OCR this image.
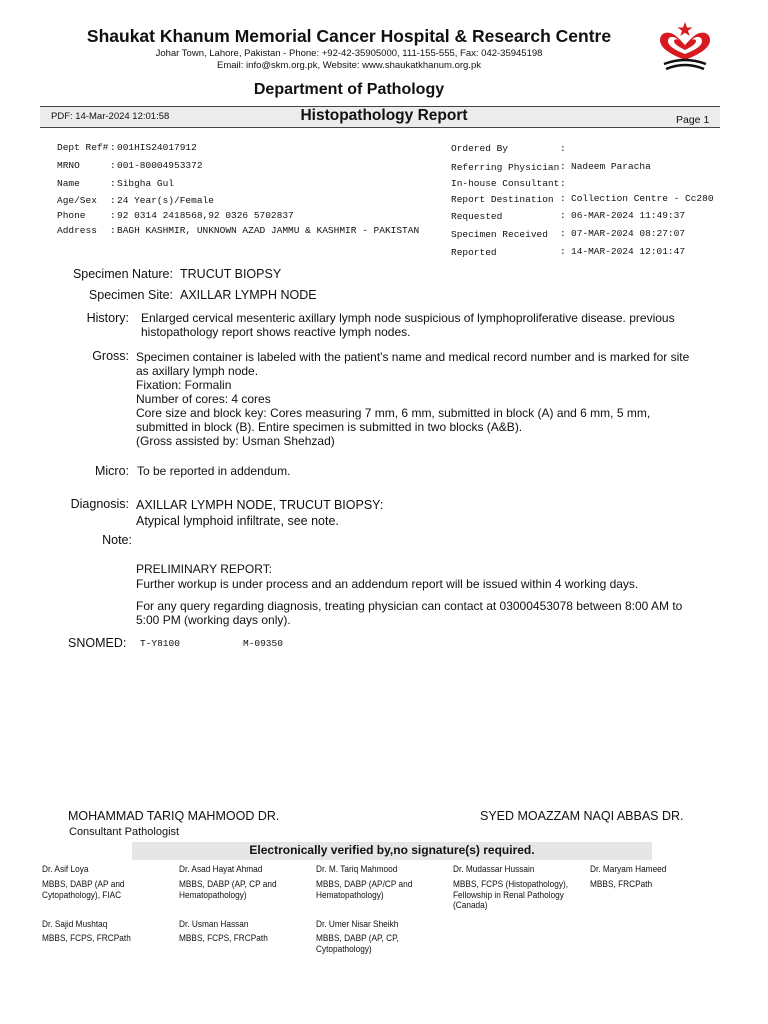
Shaukat Khanum Memorial Cancer Hospital & Research Centre
Johar Town, Lahore, Pakistan - Phone: +92-42-35905000, 111-155-555, Fax: 042-35945198
Email: info@skm.org.pk, Website: www.shaukatkhanum.org.pk
Department of Pathology
PDF: 14-Mar-2024 12:01:58	Histopathology Report	Page 1
Dept Ref# : 001HIS24017912
MRNO	: 001-80004953372
Name	: Sibgha Gul
Age/Sex : 24 Year(s)/Female
Phone	: 92 0314 2418568,92 0326 5702837
Address : BAGH KASHMIR, UNKNOWN AZAD JAMMU & KASHMIR - PAKISTAN
Ordered By	:
Referring Physician : Nadeem Paracha
In-house Consultant :
Report Destination : Collection Centre - Cc280
Requested	: 06-MAR-2024 11:49:37
Specimen Received : 07-MAR-2024 08:27:07
Reported	: 14-MAR-2024 12:01:47
Specimen Nature: TRUCUT BIOPSY
Specimen Site: AXILLAR LYMPH NODE
History: Enlarged cervical mesenteric axillary lymph node suspicious of lymphoproliferative disease. previous
histopathology report shows reactive lymph nodes.
Gross: Specimen container is labeled with the patient's name and medical record number and is marked for site
as axillary lymph node.
Fixation: Formalin
Number of cores: 4 cores
Core size and block key: Cores measuring 7 mm, 6 mm, submitted in block (A) and 6 mm, 5 mm,
submitted in block (B). Entire specimen is submitted in two blocks (A&B).
(Gross assisted by: Usman Shehzad)
Micro: To be reported in addendum.
Diagnosis: AXILLAR LYMPH NODE, TRUCUT BIOPSY:
Atypical lymphoid infiltrate, see note.
Note:
PRELIMINARY REPORT:
Further workup is under process and an addendum report will be issued within 4 working days.
For any query regarding diagnosis, treating physician can contact at 03000453078 between 8:00 AM to
5:00 PM (working days only).
SNOMED: T-Y8100	M-09350
MOHAMMAD TARIQ MAHMOOD DR.
Consultant Pathologist
SYED MOAZZAM NAQI ABBAS DR.
Electronically verified by,no signature(s) required.
Dr. Asif Loya
MBBS, DABP (AP and
Cytopathology), FIAC
Dr. Asad Hayat Ahmad
MBBS, DABP (AP, CP and
Hematopathology)
Dr. M. Tariq Mahmood
MBBS, DABP (AP/CP and
Hematopathology)
Dr. Mudassar Hussain
MBBS, FCPS (Histopathology),
Fellowship in Renal Pathology
(Canada)
Dr. Maryam Hameed
MBBS, FRCPath
Dr. Sajid Mushtaq
MBBS, FCPS, FRCPath
Dr. Usman Hassan
MBBS, FCPS, FRCPath
Dr. Umer Nisar Sheikh
MBBS, DABP (AP, CP,
Cytopathology)
